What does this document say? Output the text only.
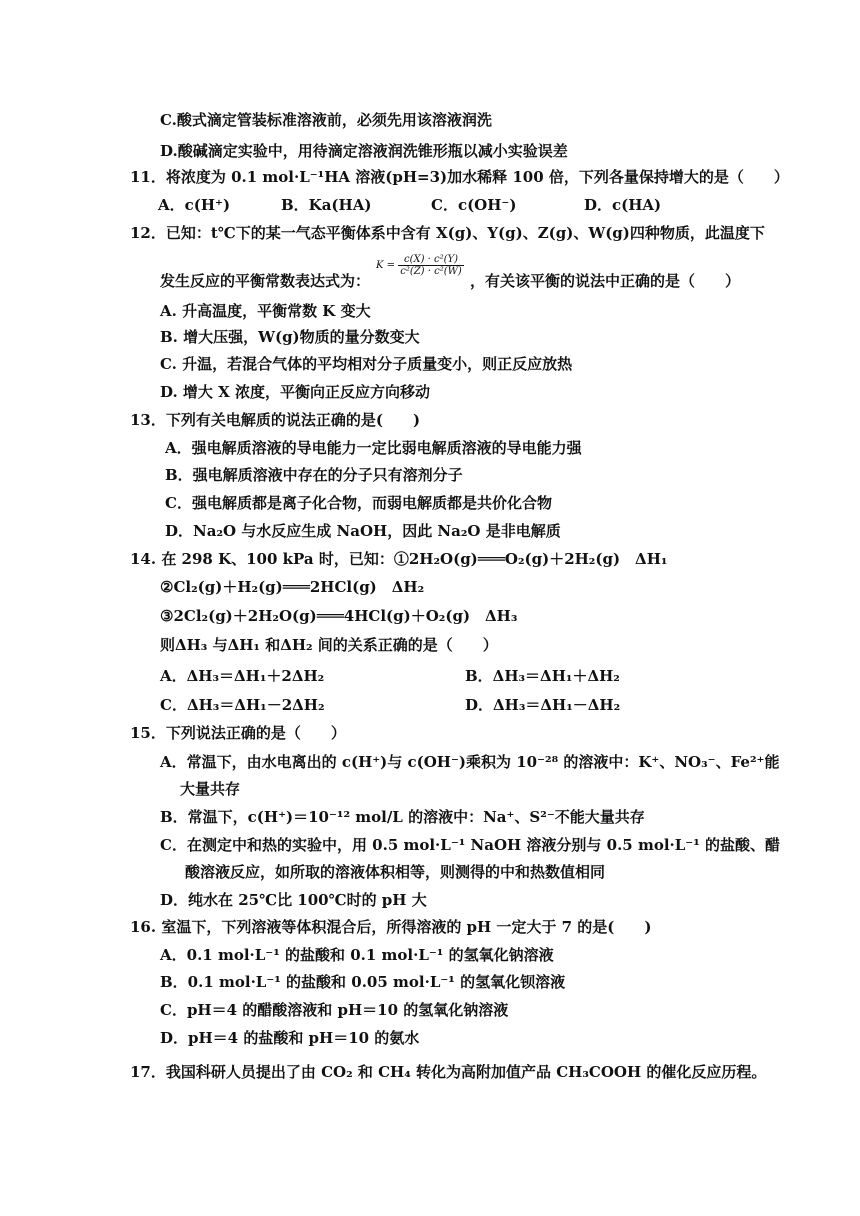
C.酸式滴定管装标准溶液前，必须先用该溶液润洗
D.酸碱滴定实验中，用待滴定溶液润洗锥形瓶以减小实验误差
11．将浓度为 0.1 mol·L⁻¹HA 溶液(pH=3)加水稀释 100 倍，下列各量保持增大的是（　　）
A．c(H⁺)	B．Ka(HA)	C．c(OH⁻)	D．c(HA)
12．已知：t℃下的某一气态平衡体系中含有 X(g)、Y(g)、Z(g)、W(g)四种物质，此温度下
发生反应的平衡常数表达式为：
$K = \frac{\text{c(X) · c²(Y)}}{\text{c²(Z) · c²(W)}}$
，有关该平衡的说法中正确的是（　　）
A. 升高温度，平衡常数 K 变大
B. 增大压强，W(g)物质的量分数变大
C. 升温，若混合气体的平均相对分子质量变小，则正反应放热
D. 增大 X 浓度，平衡向正反应方向移动
13．下列有关电解质的说法正确的是(　　)
A．强电解质溶液的导电能力一定比弱电解质溶液的导电能力强
B．强电解质溶液中存在的分子只有溶剂分子
C．强电解质都是离子化合物，而弱电解质都是共价化合物
D．Na₂O 与水反应生成 NaOH，因此 Na₂O 是非电解质
14. 在 298 K、100 kPa 时，已知：①2H₂O(g)═══O₂(g)＋2H₂(g)　ΔH₁
②Cl₂(g)＋H₂(g)═══2HCl(g)　ΔH₂
③2Cl₂(g)＋2H₂O(g)═══4HCl(g)＋O₂(g)　ΔH₃
则ΔH₃ 与ΔH₁ 和ΔH₂ 间的关系正确的是（　　）
A．ΔH₃＝ΔH₁＋2ΔH₂	B．ΔH₃＝ΔH₁＋ΔH₂
C．ΔH₃＝ΔH₁－2ΔH₂	D．ΔH₃＝ΔH₁－ΔH₂
15．下列说法正确的是（　　）
A．常温下，由水电离出的 c(H⁺)与 c(OH⁻)乘积为 10⁻²⁸ 的溶液中：K⁺、NO₃⁻、Fe²⁺能
大量共存
B．常温下，c(H⁺)＝10⁻¹² mol/L 的溶液中：Na⁺、S²⁻不能大量共存
C．在测定中和热的实验中，用 0.5 mol·L⁻¹ NaOH 溶液分别与 0.5 mol·L⁻¹ 的盐酸、醋
酸溶液反应，如所取的溶液体积相等，则测得的中和热数值相同
D．纯水在 25℃比 100℃时的 pH 大
16. 室温下，下列溶液等体积混合后，所得溶液的 pH 一定大于 7 的是(　　)
A．0.1 mol·L⁻¹ 的盐酸和 0.1 mol·L⁻¹ 的氢氧化钠溶液
B．0.1 mol·L⁻¹ 的盐酸和 0.05 mol·L⁻¹ 的氢氧化钡溶液
C．pH＝4 的醋酸溶液和 pH＝10 的氢氧化钠溶液
D．pH＝4 的盐酸和 pH＝10 的氨水
17．我国科研人员提出了由 CO₂ 和 CH₄ 转化为高附加值产品 CH₃COOH 的催化反应历程。
